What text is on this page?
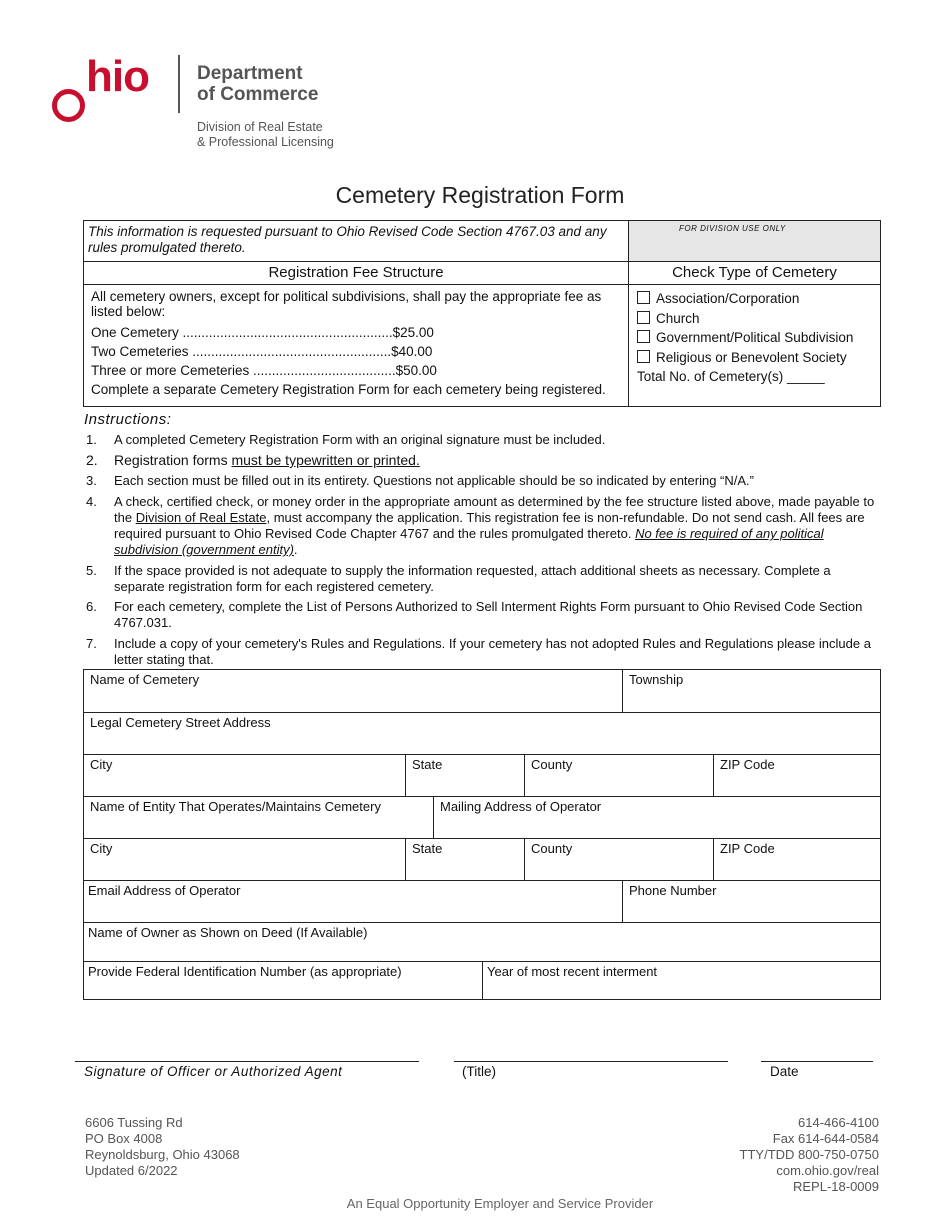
hio	Department
of Commerce
Division of Real Estate
& Professional Licensing
Cemetery Registration Form
This information is requested pursuant to Ohio Revised Code Section 4767.03 and any rules promulgated thereto.
FOR DIVISION USE ONLY
Registration Fee Structure	Check Type of Cemetery
All cemetery owners, except for political subdivisions, shall pay the appropriate fee as listed below:
One Cemetery ........................................................$25.00
Two Cemeteries .....................................................$40.00
Three or more Cemeteries ......................................$50.00
Complete a separate Cemetery Registration Form for each cemetery being registered.
Association/Corporation
Church
Government/Political Subdivision
Religious or Benevolent Society
Total No. of Cemetery(s) _____
Instructions:
1.	A completed Cemetery Registration Form with an original signature must be included.
2.	Registration forms must be typewritten or printed.
3.	Each section must be filled out in its entirety. Questions not applicable should be so indicated by entering “N/A.”
4.	A check, certified check, or money order in the appropriate amount as determined by the fee structure listed above, made payable to the Division of Real Estate, must accompany the application. This registration fee is non-refundable. Do not send cash. All fees are required pursuant to Ohio Revised Code Chapter 4767 and the rules promulgated thereto. No fee is required of any political subdivision (government entity).
5.	If the space provided is not adequate to supply the information requested, attach additional sheets as necessary. Complete a separate registration form for each registered cemetery.
6.	For each cemetery, complete the List of Persons Authorized to Sell Interment Rights Form pursuant to Ohio Revised Code Section 4767.031.
7.	Include a copy of your cemetery's Rules and Regulations. If your cemetery has not adopted Rules and Regulations please include a letter stating that.
Name of Cemetery	Township
Legal Cemetery Street Address
City	State	County	ZIP Code
Name of Entity That Operates/Maintains Cemetery	Mailing Address of Operator
City	State	County	ZIP Code
Email Address of Operator	Phone Number
Name of Owner as Shown on Deed (If Available)
Provide Federal Identification Number (as appropriate)	Year of most recent interment
Signature of Officer or Authorized Agent	(Title)	Date
6606 Tussing Rd
PO Box 4008
Reynoldsburg, Ohio 43068
Updated 6/2022
614-466-4100
Fax 614-644-0584
TTY/TDD 800-750-0750
com.ohio.gov/real
REPL-18-0009
An Equal Opportunity Employer and Service Provider
